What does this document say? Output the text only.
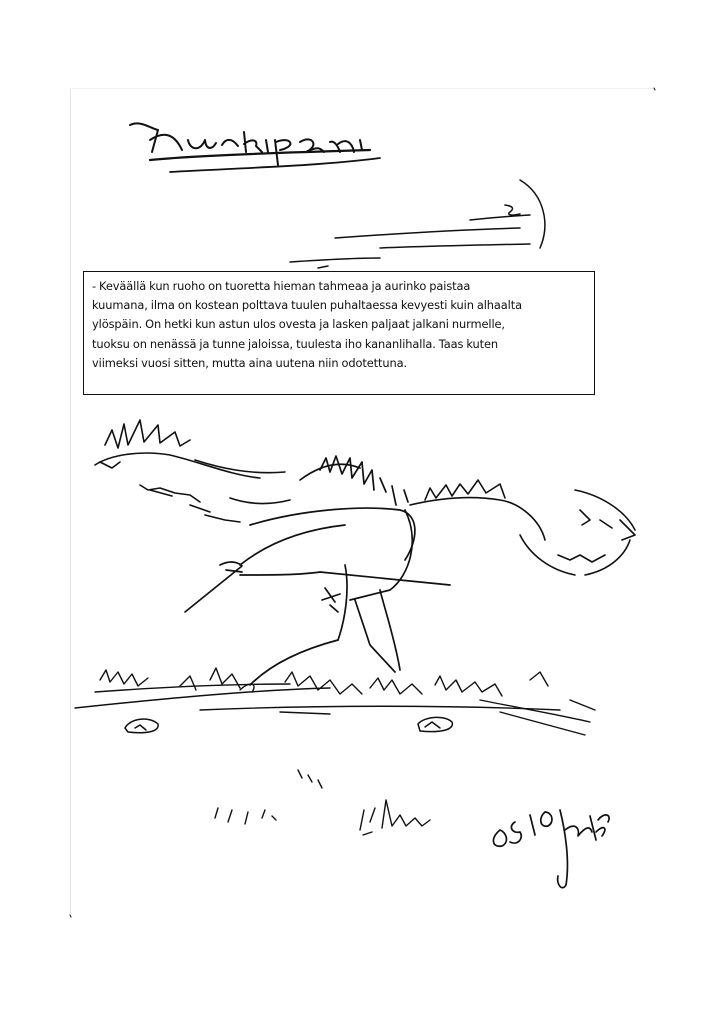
- Keväällä kun ruoho on tuoretta hieman tahmeaa ja aurinko paistaa
kuumana, ilma on kostean polttava tuulen puhaltaessa kevyesti kuin alhaalta
ylöspäin. On hetki kun astun ulos ovesta ja lasken paljaat jalkani nurmelle,
tuoksu on nenässä ja tunne jaloissa, tuulesta iho kananlihalla. Taas kuten
viimeksi vuosi sitten, mutta aina uutena niin odotettuna.
